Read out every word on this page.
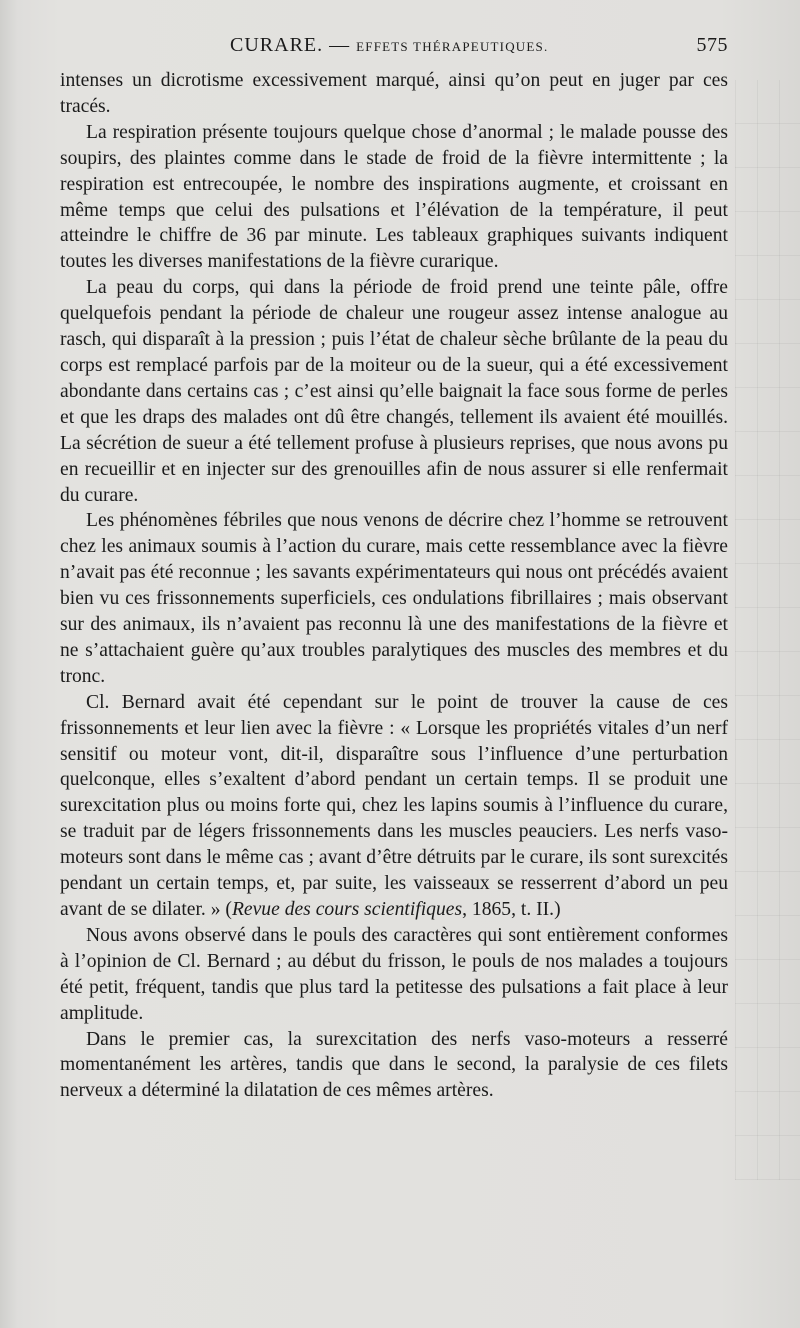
CURARE. — EFFETS THÉRAPEUTIQUES.	575

intenses un dicrotisme excessivement marqué, ainsi qu’on peut en juger par ces tracés.

La respiration présente toujours quelque chose d’anormal ; le malade pousse des soupirs, des plaintes comme dans le stade de froid de la fièvre intermittente ; la respiration est entrecoupée, le nombre des inspirations augmente, et croissant en même temps que celui des pulsations et l’élévation de la température, il peut atteindre le chiffre de 36 par minute. Les tableaux graphiques suivants indiquent toutes les diverses manifestations de la fièvre curarique.

La peau du corps, qui dans la période de froid prend une teinte pâle, offre quelquefois pendant la période de chaleur une rougeur assez intense analogue au rasch, qui disparaît à la pression ; puis l’état de chaleur sèche brûlante de la peau du corps est remplacé parfois par de la moiteur ou de la sueur, qui a été excessivement abondante dans certains cas ; c’est ainsi qu’elle baignait la face sous forme de perles et que les draps des malades ont dû être changés, tellement ils avaient été mouillés. La sécrétion de sueur a été tellement profuse à plusieurs reprises, que nous avons pu en recueillir et en injecter sur des grenouilles afin de nous assurer si elle renfermait du curare.

Les phénomènes fébriles que nous venons de décrire chez l’homme se retrouvent chez les animaux soumis à l’action du curare, mais cette ressemblance avec la fièvre n’avait pas été reconnue ; les savants expérimentateurs qui nous ont précédés avaient bien vu ces frissonnements superficiels, ces ondulations fibrillaires ; mais observant sur des animaux, ils n’avaient pas reconnu là une des manifestations de la fièvre et ne s’attachaient guère qu’aux troubles paralytiques des muscles des membres et du tronc.

Cl. Bernard avait été cependant sur le point de trouver la cause de ces frissonnements et leur lien avec la fièvre : « Lorsque les propriétés vitales d’un nerf sensitif ou moteur vont, dit-il, disparaître sous l’influence d’une perturbation quelconque, elles s’exaltent d’abord pendant un certain temps. Il se produit une surexcitation plus ou moins forte qui, chez les lapins soumis à l’influence du curare, se traduit par de légers frissonnements dans les muscles peauciers. Les nerfs vaso-moteurs sont dans le même cas ; avant d’être détruits par le curare, ils sont surexcités pendant un certain temps, et, par suite, les vaisseaux se resserrent d’abord un peu avant de se dilater. » (Revue des cours scientifiques, 1865, t. II.)

Nous avons observé dans le pouls des caractères qui sont entièrement conformes à l’opinion de Cl. Bernard ; au début du frisson, le pouls de nos malades a toujours été petit, fréquent, tandis que plus tard la petitesse des pulsations a fait place à leur amplitude.

Dans le premier cas, la surexcitation des nerfs vaso-moteurs a resserré momentanément les artères, tandis que dans le second, la paralysie de ces filets nerveux a déterminé la dilatation de ces mêmes artères.
